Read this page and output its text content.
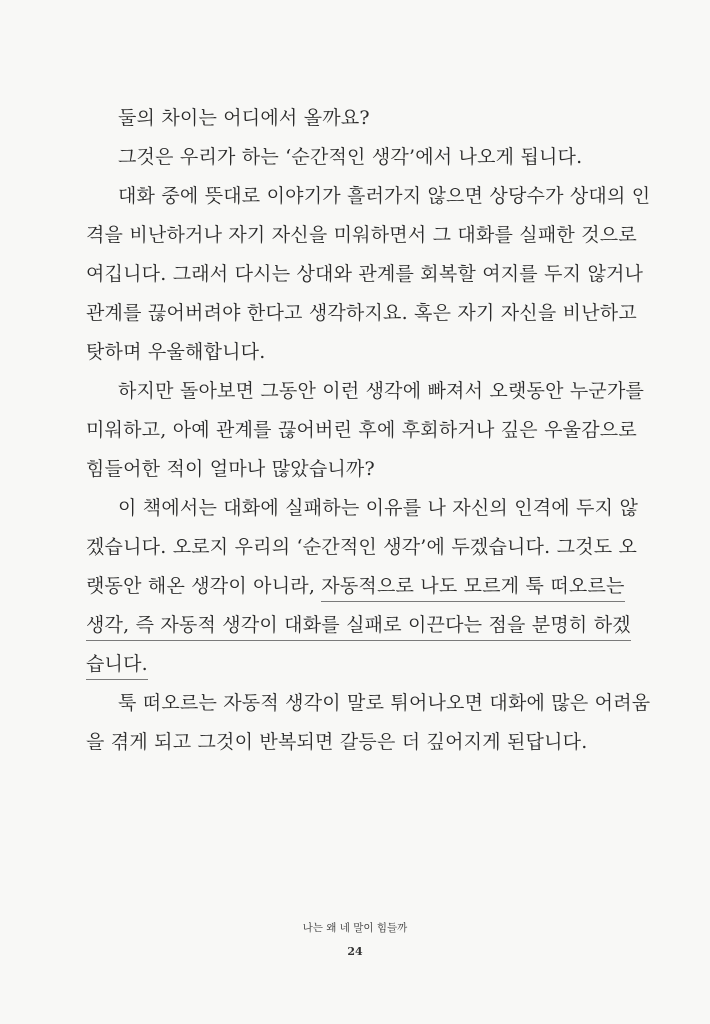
둘의 차이는 어디에서 올까요?
그것은 우리가 하는 ‘순간적인 생각’에서 나오게 됩니다.
대화 중에 뜻대로 이야기가 흘러가지 않으면 상당수가 상대의 인
격을 비난하거나 자기 자신을 미워하면서 그 대화를 실패한 것으로
여깁니다. 그래서 다시는 상대와 관계를 회복할 여지를 두지 않거나
관계를 끊어버려야 한다고 생각하지요. 혹은 자기 자신을 비난하고
탓하며 우울해합니다.
하지만 돌아보면 그동안 이런 생각에 빠져서 오랫동안 누군가를
미워하고, 아예 관계를 끊어버린 후에 후회하거나 깊은 우울감으로
힘들어한 적이 얼마나 많았습니까?
이 책에서는 대화에 실패하는 이유를 나 자신의 인격에 두지 않
겠습니다. 오로지 우리의 ‘순간적인 생각’에 두겠습니다. 그것도 오
랫동안 해온 생각이 아니라, 자동적으로 나도 모르게 툭 떠오르는
생각, 즉 자동적 생각이 대화를 실패로 이끈다는 점을 분명히 하겠
습니다.
툭 떠오르는 자동적 생각이 말로 튀어나오면 대화에 많은 어려움
을 겪게 되고 그것이 반복되면 갈등은 더 깊어지게 된답니다.
나는 왜 네 말이 힘들까
24
